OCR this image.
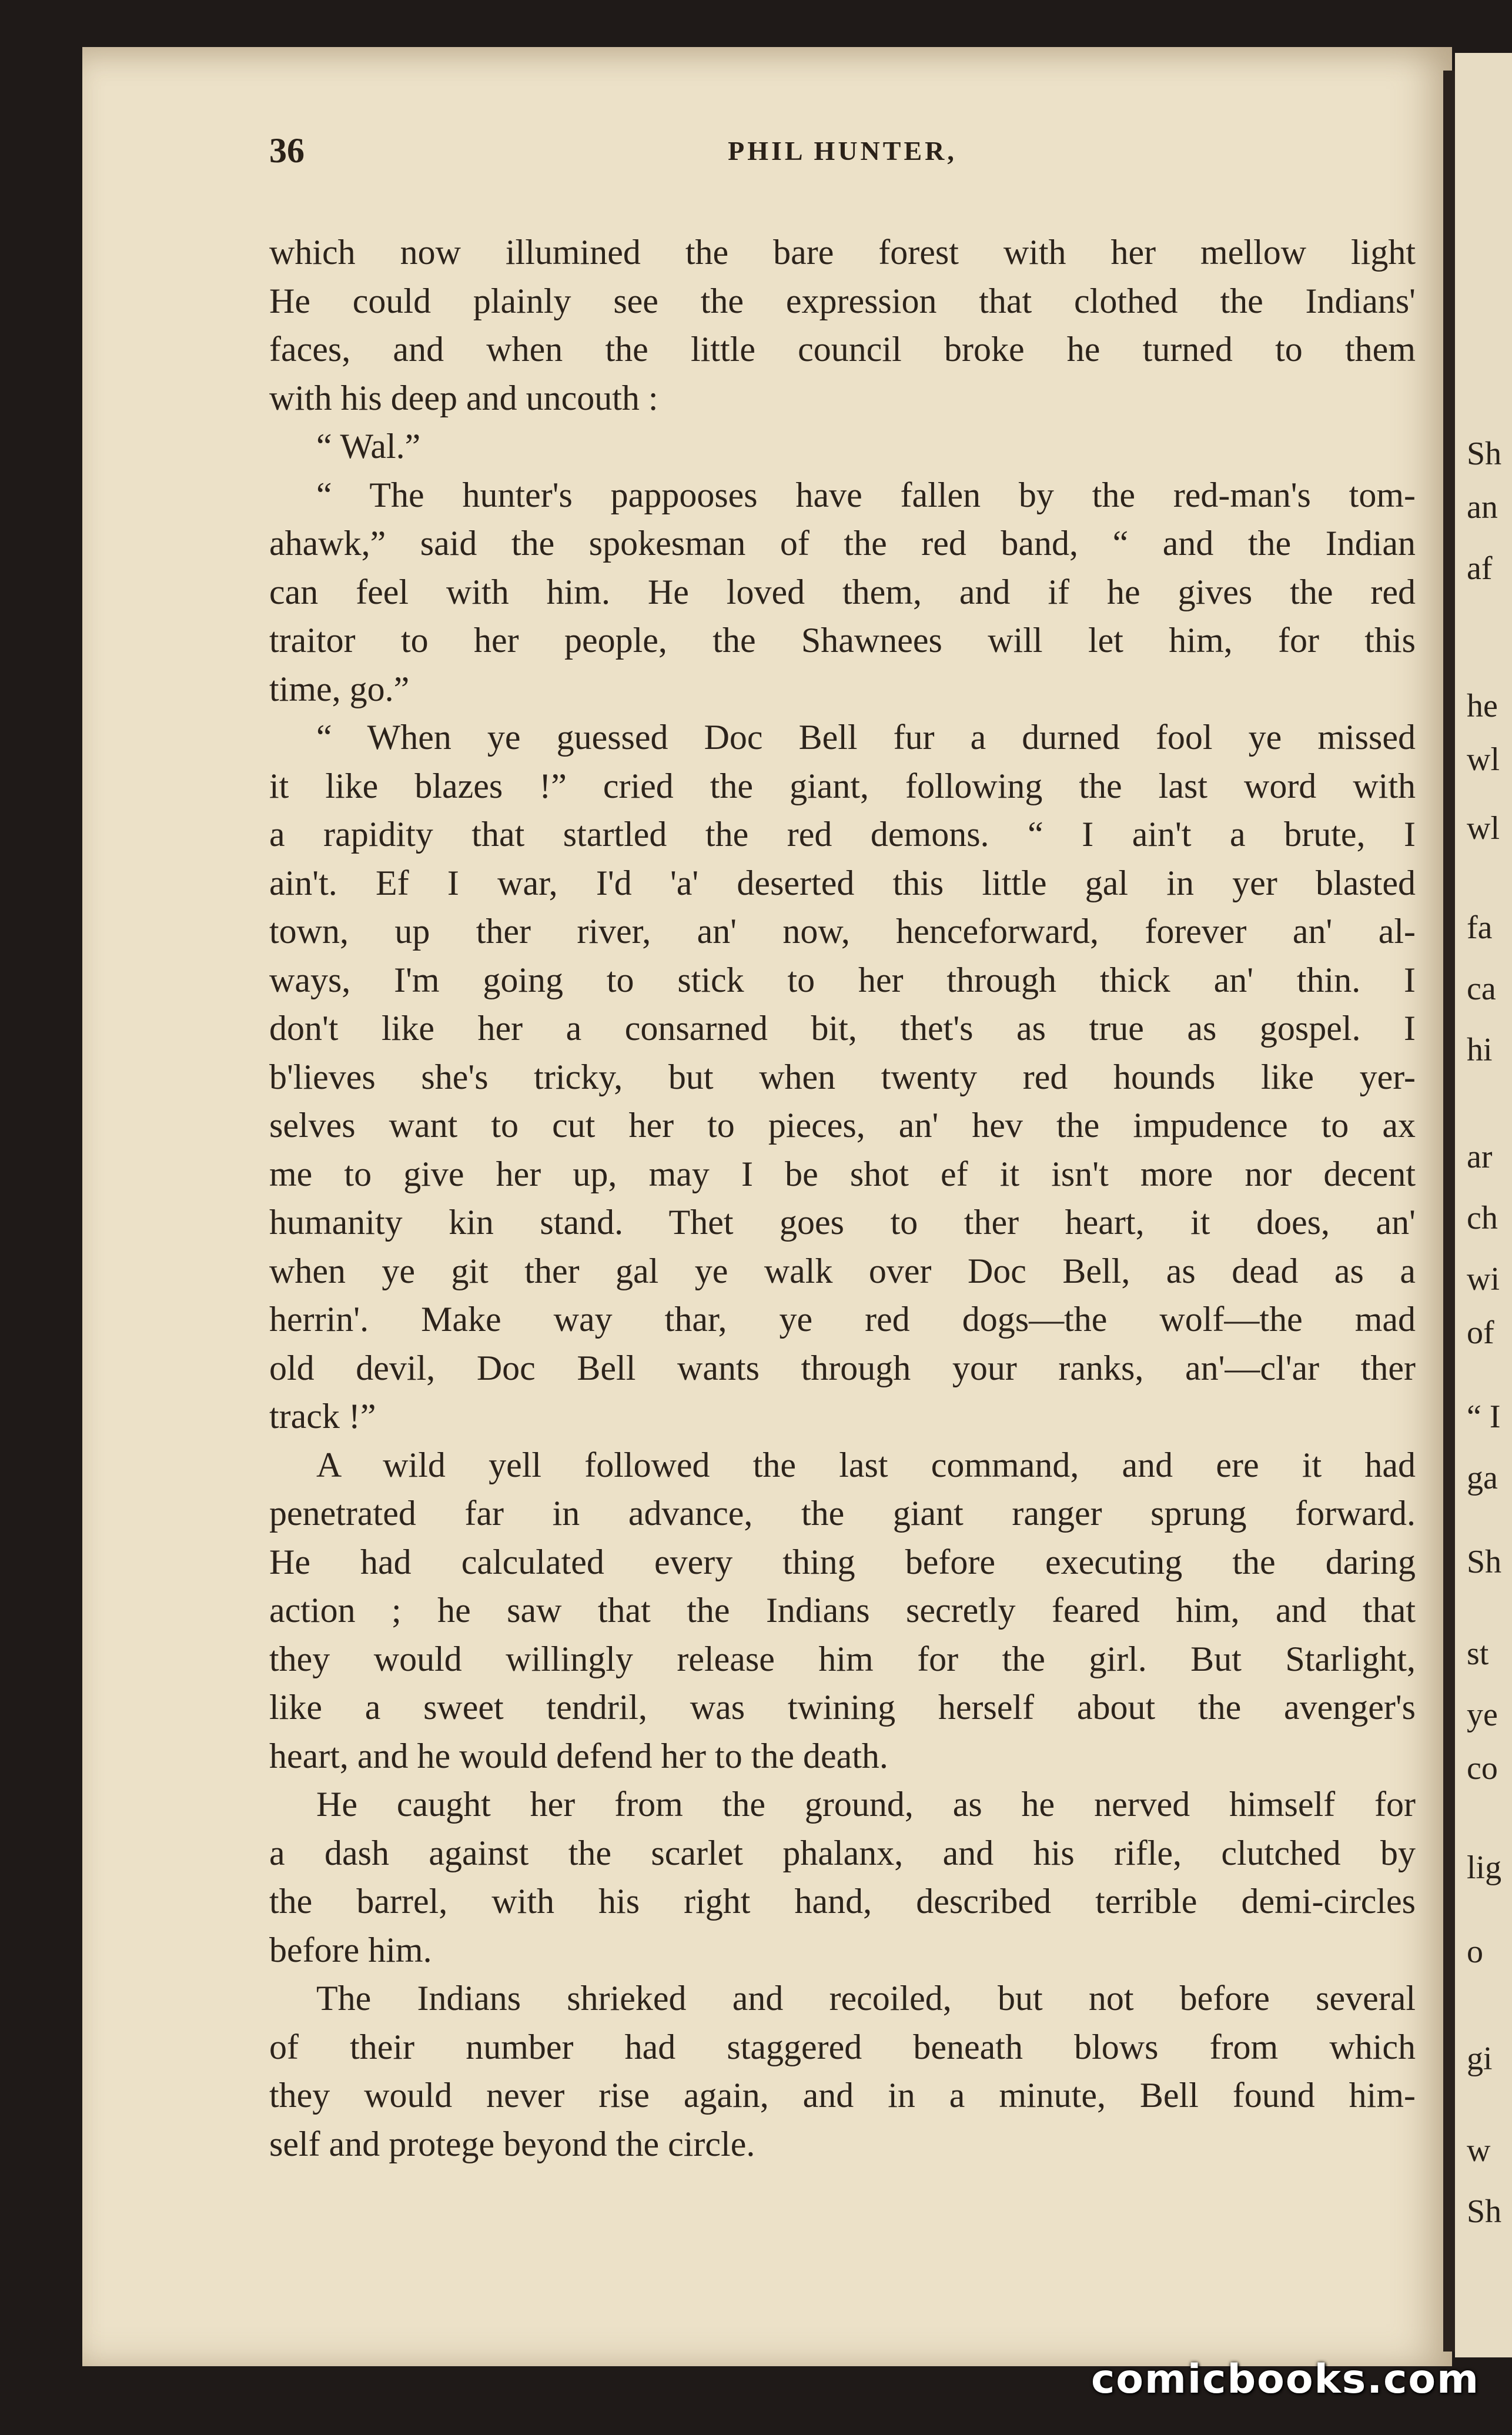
Sh
an
af
he
wl
wl
fa
ca
hi
ar
ch
wi
of
“ I
ga
Sh
st
ye
co
lig
o
gi
w
Sh
36	PHIL HUNTER,
which now illumined the bare forest with her mellow light
He could plainly see the expression that clothed the Indians'
faces, and when the little council broke he turned to them
with his deep and uncouth :
“ Wal.”
“ The hunter's pappooses have fallen by the red-man's tom-
ahawk,” said the spokesman of the red band, “ and the Indian
can feel with him. He loved them, and if he gives the red
traitor to her people, the Shawnees will let him, for this
time, go.”
“ When ye guessed Doc Bell fur a durned fool ye missed
it like blazes !” cried the giant, following the last word with
a rapidity that startled the red demons. “ I ain't a brute, I
ain't. Ef I war, I'd 'a' deserted this little gal in yer blasted
town, up ther river, an' now, henceforward, forever an' al-
ways, I'm going to stick to her through thick an' thin. I
don't like her a consarned bit, thet's as true as gospel. I
b'lieves she's tricky, but when twenty red hounds like yer-
selves want to cut her to pieces, an' hev the impudence to ax
me to give her up, may I be shot ef it isn't more nor decent
humanity kin stand. Thet goes to ther heart, it does, an'
when ye git ther gal ye walk over Doc Bell, as dead as a
herrin'. Make way thar, ye red dogs—the wolf—the mad
old devil, Doc Bell wants through your ranks, an'—cl'ar ther
track !”
A wild yell followed the last command, and ere it had
penetrated far in advance, the giant ranger sprung forward.
He had calculated every thing before executing the daring
action ; he saw that the Indians secretly feared him, and that
they would willingly release him for the girl. But Starlight,
like a sweet tendril, was twining herself about the avenger's
heart, and he would defend her to the death.
He caught her from the ground, as he nerved himself for
a dash against the scarlet phalanx, and his rifle, clutched by
the barrel, with his right hand, described terrible demi-circles
before him.
The Indians shrieked and recoiled, but not before several
of their number had staggered beneath blows from which
they would never rise again, and in a minute, Bell found him-
self and protege beyond the circle.
comicbooks.com
